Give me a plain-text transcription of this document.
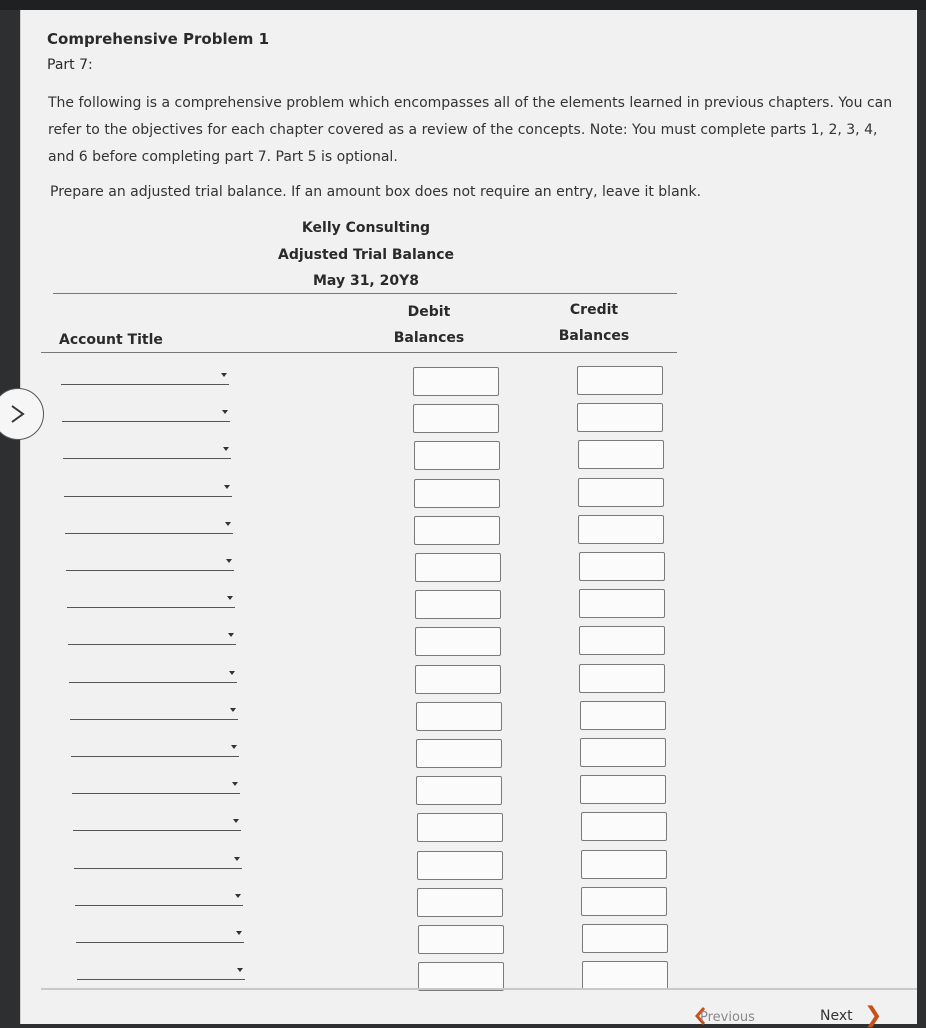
Comprehensive Problem 1
Part 7:
The following is a comprehensive problem which encompasses all of the elements learned in previous chapters. You can refer to the objectives for each chapter covered as a review of the concepts. Note: You must complete parts 1, 2, 3, 4, and 6 before completing part 7. Part 5 is optional.
Prepare an adjusted trial balance. If an amount box does not require an entry, leave it blank.
Kelly Consulting
Adjusted Trial Balance
May 31, 20Y8
Account Title
Debit
Balances
Credit
Balances
Previous	Next ❯
